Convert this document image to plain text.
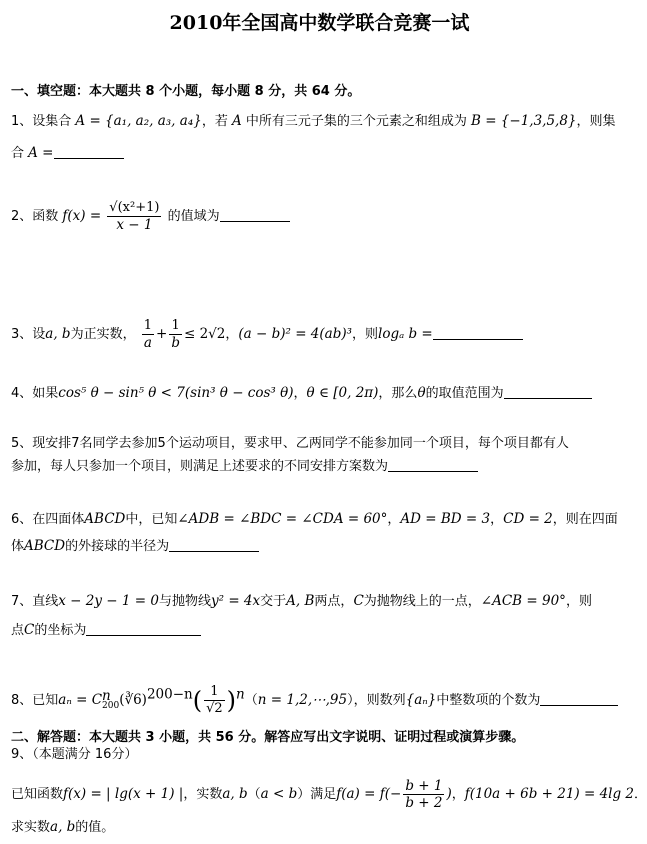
2010年全国高中数学联合竞赛一试
一、填空题：本大题共 8 个小题，每小题 8 分，共 64 分。
1、设集合 A = {a₁, a₂, a₃, a₄}，若 A 中所有三元子集的三个元素之和组成为 B = {−1,3,5,8}，则集
合 A =
2、函数 $f(x) = \frac{\text{√(x²+1)}}{x - 1}$ 的值域为
3、设a, b为正实数， $\frac{1}{a} + \frac{1}{b} \le 2√2$，(a − b)² = 4(ab)³，则logₐ b =
4、如果cos⁵ θ − sin⁵ θ < 7(sin³ θ − cos³ θ)，θ ∈ [0, 2π)，那么θ的取值范围为
5、现安排7名同学去参加5个运动项目，要求甲、乙两同学不能参加同一个项目，每个项目都有人
参加，每人只参加一个项目，则满足上述要求的不同安排方案数为
6、在四面体ABCD中，已知∠ADB = ∠BDC = ∠CDA = 60°，AD = BD = 3，CD = 2，则在四面
体ABCD的外接球的半径为
7、直线x − 2y − 1 = 0与抛物线y² = 4x交于A, B两点，C为抛物线上的一点，∠ACB = 90°，则
点C的坐标为
8、已知aₙ = C n
200 (∛6)$^{200-n}$( $\frac{1}{√2} )^n(n$ = 1,2,⋯,95），则数列{aₙ}中整数项的个数为
二、解答题：本大题共 3 小题，共 56 分。解答应写出文字说明、证明过程或演算步骤。
9、（本题满分 16分）
已知函数f(x) = | lg(x + 1) |，实数a, b（a < b）满足$f(a) = f(- \frac{b + 1}{b + 2}$ )，f(10a + 6b + 21) = 4lg 2．
求实数a, b的值。
